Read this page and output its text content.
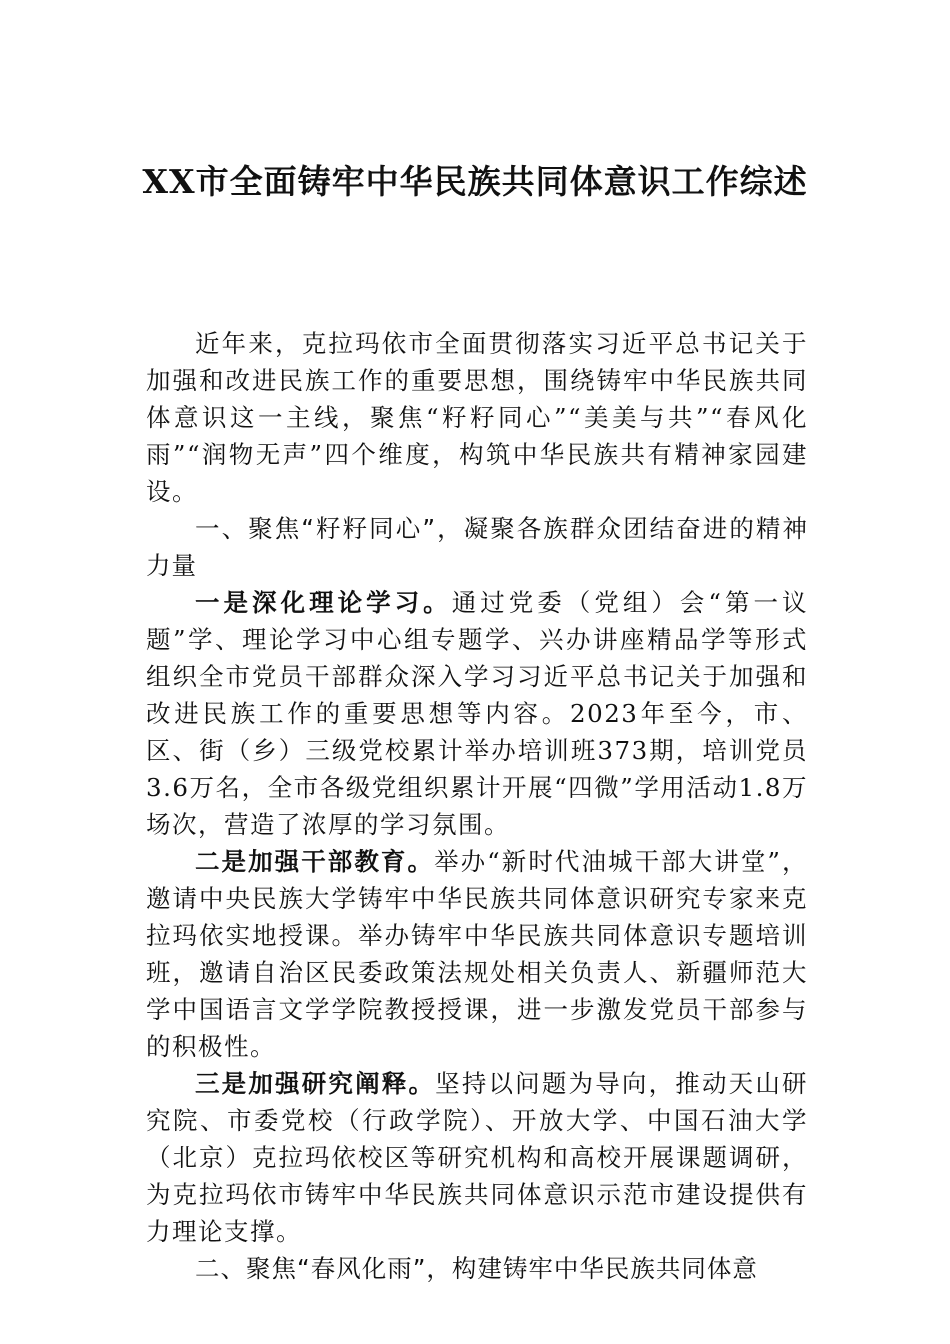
XX市全面铸牢中华民族共同体意识工作综述

近年来，克拉玛依市全面贯彻落实习近平总书记关于加强和改进民族工作的重要思想，围绕铸牢中华民族共同体意识这一主线，聚焦“籽籽同心”“美美与共”“春风化雨”“润物无声”四个维度，构筑中华民族共有精神家园建设。

一、聚焦“籽籽同心”，凝聚各族群众团结奋进的精神力量

一是深化理论学习。通过党委（党组）会“第一议题”学、理论学习中心组专题学、兴办讲座精品学等形式组织全市党员干部群众深入学习习近平总书记关于加强和改进民族工作的重要思想等内容。2023年至今，市、区、街（乡）三级党校累计举办培训班373期，培训党员3.6万名，全市各级党组织累计开展“四微”学用活动1.8万场次，营造了浓厚的学习氛围。

二是加强干部教育。举办“新时代油城干部大讲堂”，邀请中央民族大学铸牢中华民族共同体意识研究专家来克拉玛依实地授课。举办铸牢中华民族共同体意识专题培训班，邀请自治区民委政策法规处相关负责人、新疆师范大学中国语言文学学院教授授课，进一步激发党员干部参与的积极性。

三是加强研究阐释。坚持以问题为导向，推动天山研究院、市委党校（行政学院）、开放大学、中国石油大学（北京）克拉玛依校区等研究机构和高校开展课题调研，为克拉玛依市铸牢中华民族共同体意识示范市建设提供有力理论支撑。

二、聚焦“春风化雨”，构建铸牢中华民族共同体意
